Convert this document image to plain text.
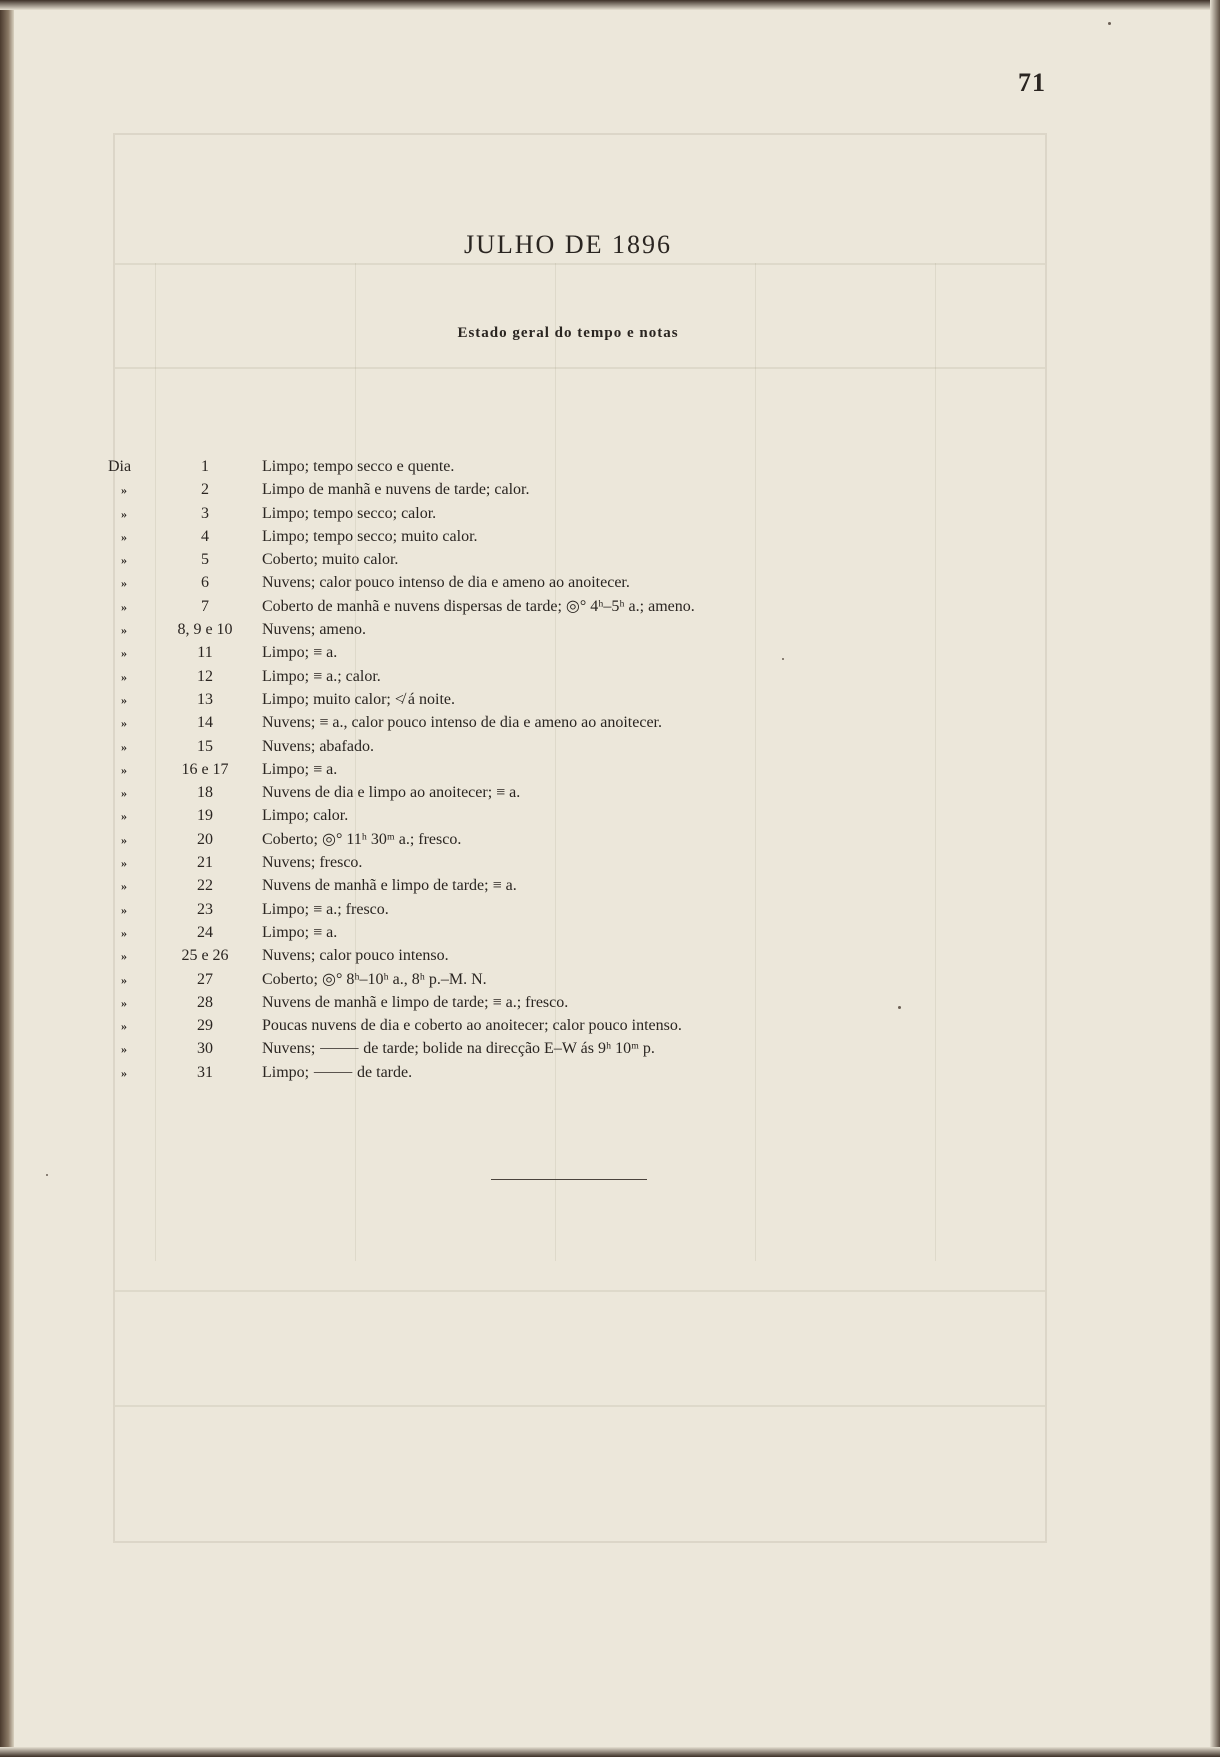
71
JULHO DE 1896
Estado geral do tempo e notas
Dia	1	Limpo; tempo secco e quente.
»	2	Limpo de manhã e nuvens de tarde; calor.
»	3	Limpo; tempo secco; calor.
»	4	Limpo; tempo secco; muito calor.
»	5	Coberto; muito calor.
»	6	Nuvens; calor pouco intenso de dia e ameno ao anoitecer.
»	7	Coberto de manhã e nuvens dispersas de tarde; ◎° 4ʰ–5ʰ a.; ameno.
»	8, 9 e 10	Nuvens; ameno.
»	11	Limpo; ≡ a.
»	12	Limpo; ≡ a.; calor.
»	13	Limpo; muito calor; ≮ á noite.
»	14	Nuvens; ≡ a., calor pouco intenso de dia e ameno ao anoitecer.
»	15	Nuvens; abafado.
»	16 e 17	Limpo; ≡ a.
»	18	Nuvens de dia e limpo ao anoitecer; ≡ a.
»	19	Limpo; calor.
»	20	Coberto; ◎° 11ʰ 30ᵐ a.; fresco.
»	21	Nuvens; fresco.
»	22	Nuvens de manhã e limpo de tarde; ≡ a.
»	23	Limpo; ≡ a.; fresco.
»	24	Limpo; ≡ a.
»	25 e 26	Nuvens; calor pouco intenso.
»	27	Coberto; ◎° 8ʰ–10ʰ a., 8ʰ p.–M. N.
»	28	Nuvens de manhã e limpo de tarde; ≡ a.; fresco.
»	29	Poucas nuvens de dia e coberto ao anoitecer; calor pouco intenso.
»	30	Nuvens; ⸻ de tarde; bolide na direcção E–W ás 9ʰ 10ᵐ p.
»	31	Limpo; ⸻ de tarde.
